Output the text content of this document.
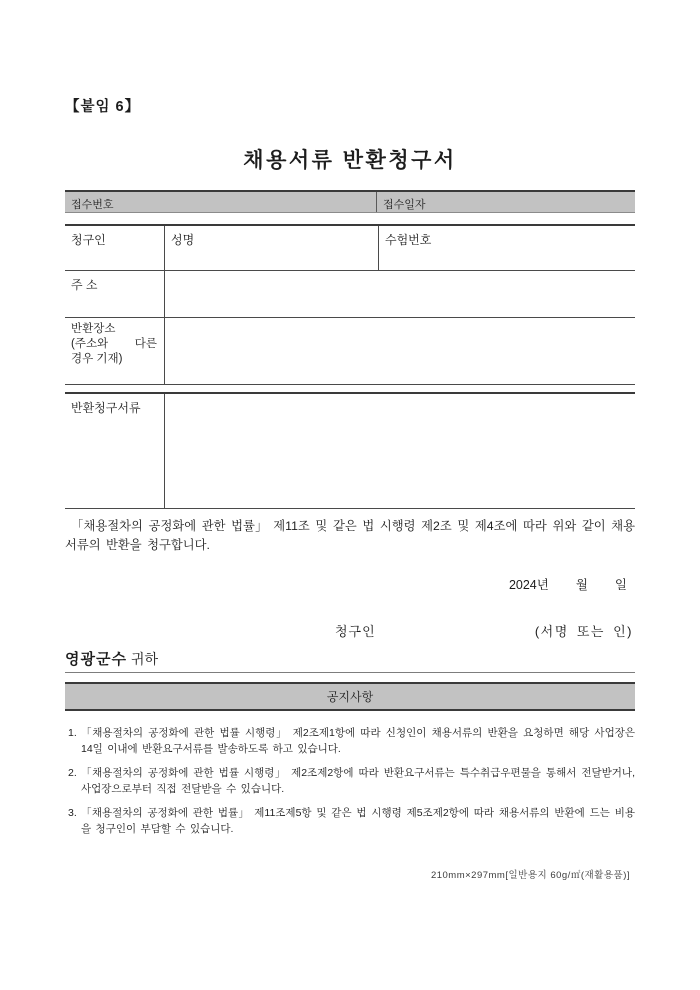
【붙임 6】
채용서류 반환청구서
접수번호	접수일자
청구인	성명	수험번호
주 소
반환장소
(주소와 다른
경우 기재)
반환청구서류

「채용절차의 공정화에 관한 법률」 제11조 및 같은 법 시행령 제2조 및 제4조에 따라 위와 같이 채용서류의 반환을 청구합니다.

2024년 월 일
청구인	(서명 또는 인)
영광군수 귀하
공지사항
1. 「채용절차의 공정화에 관한 법률 시행령」 제2조제1항에 따라 신청인이 채용서류의 반환을 요청하면 해당 사업장은 14일 이내에 반환요구서류를 발송하도록 하고 있습니다.
2. 「채용절차의 공정화에 관한 법률 시행령」 제2조제2항에 따라 반환요구서류는 특수취급우편물을 통해서 전달받거나, 사업장으로부터 직접 전달받을 수 있습니다.
3. 「채용절차의 공정화에 관한 법률」 제11조제5항 및 같은 법 시행령 제5조제2항에 따라 채용서류의 반환에 드는 비용을 청구인이 부담할 수 있습니다.
210mm×297mm[일반용지 60g/㎡(재활용품)]
